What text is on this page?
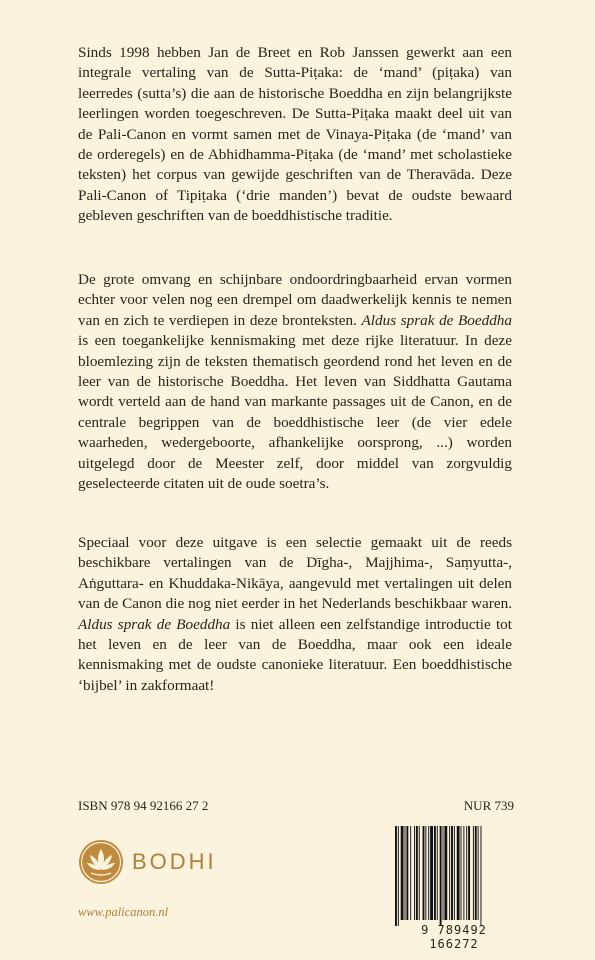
Sinds 1998 hebben Jan de Breet en Rob Janssen gewerkt aan een integrale vertaling van de Sutta-Piṭaka: de ‘mand’ (piṭaka) van leerredes (sutta’s) die aan de historische Boeddha en zijn belangrijkste leerlingen worden toegeschreven. De Sutta-Piṭaka maakt deel uit van de Pali-Canon en vormt samen met de Vinaya-Piṭaka (de ‘mand’ van de orderegels) en de Abhidhamma-Piṭaka (de ‘mand’ met scholastieke teksten) het corpus van gewijde geschriften van de Theravāda. Deze Pali-Canon of Tipiṭaka (‘drie manden’) bevat de oudste bewaard gebleven geschriften van de boeddhistische traditie.

De grote omvang en schijnbare ondoordringbaarheid ervan vormen echter voor velen nog een drempel om daadwerkelijk kennis te nemen van en zich te verdiepen in deze bronteksten. Aldus sprak de Boeddha is een toegankelijke kennismaking met deze rijke literatuur. In deze bloemlezing zijn de teksten thematisch geordend rond het leven en de leer van de historische Boeddha. Het leven van Siddhatta Gautama wordt verteld aan de hand van markante passages uit de Canon, en de centrale begrippen van de boeddhistische leer (de vier edele waarheden, wedergeboorte, afhankelijke oorsprong, ...) worden uitgelegd door de Meester zelf, door middel van zorgvuldig geselecteerde citaten uit de oude soetra’s.

Speciaal voor deze uitgave is een selectie gemaakt uit de reeds beschikbare vertalingen van de Dīgha-, Majjhima-, Saṃyutta-, Aṅguttara- en Khuddaka-Nikāya, aangevuld met vertalingen uit delen van de Canon die nog niet eerder in het Nederlands beschikbaar waren. Aldus sprak de Boeddha is niet alleen een zelfstandige introductie tot het leven en de leer van de Boeddha, maar ook een ideale kennismaking met de oudste canonieke literatuur. Een boeddhistische ‘bijbel’ in zakformaat!

ISBN 978 94 92166 27 2	NUR 739
BODHI
www.palicanon.nl
9 789492 166272
